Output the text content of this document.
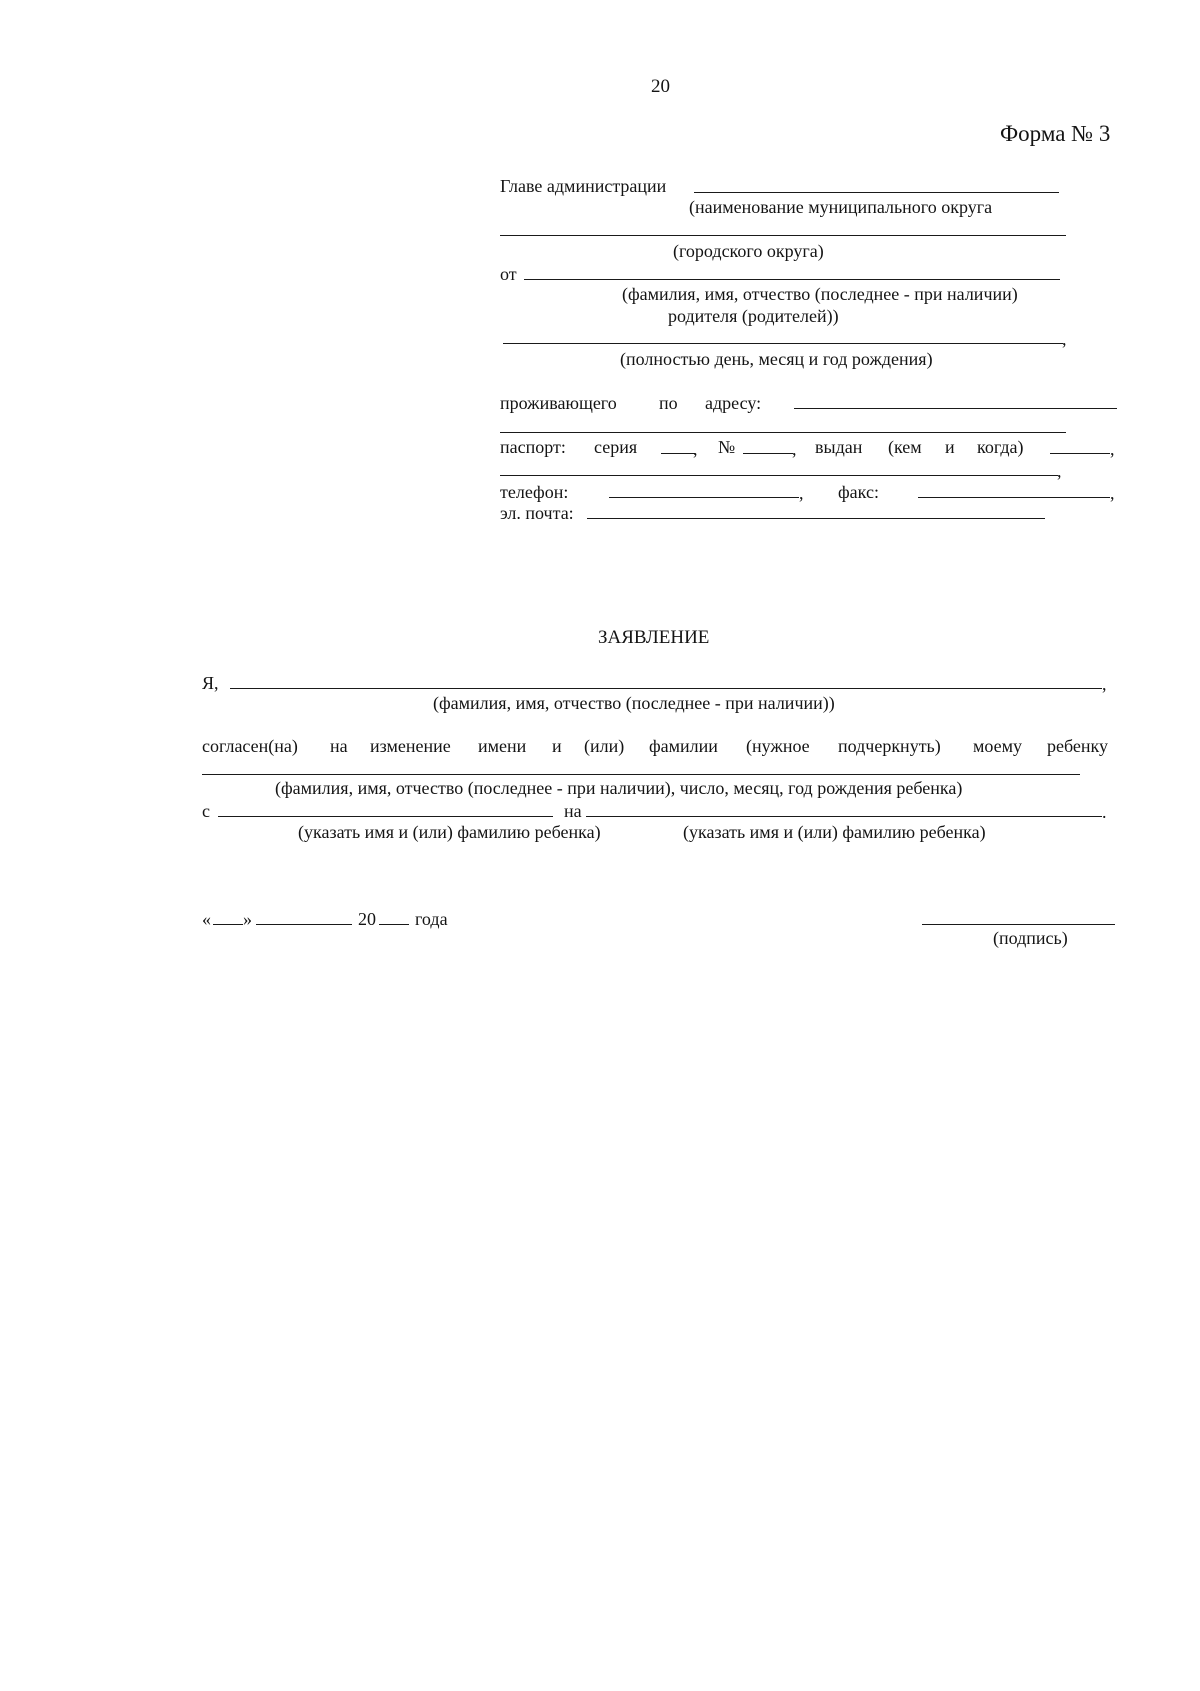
20
Форма № 3
Главе администрации
(наименование муниципального округа
(городского округа)
от
(фамилия, имя, отчество (последнее - при наличии)
родителя (родителей))
,
(полностью день, месяц и год рождения)
проживающего по адресу:
паспорт: серия	, №	, выдан (кем и когда)	,
,
телефон:	, факс:	,
эл. почта:
ЗАЯВЛЕНИЕ
Я,	,
(фамилия, имя, отчество (последнее - при наличии))
согласен(на) на изменение имени и (или) фамилии (нужное подчеркнуть) моему ребенку
(фамилия, имя, отчество (последнее - при наличии), число, месяц, год рождения ребенка)
с	на	.
(указать имя и (или) фамилию ребенка)	(указать имя и (или) фамилию ребенка)
« »	20 года
(подпись)
